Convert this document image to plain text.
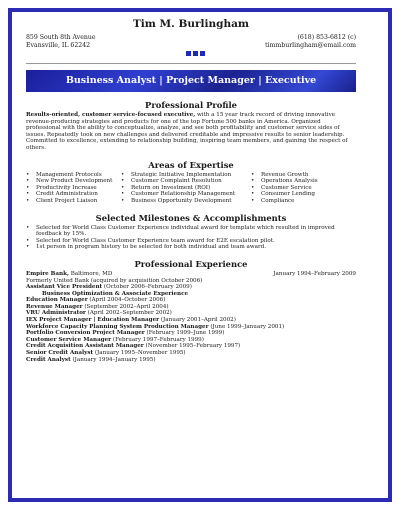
Tim M. Burlingham
859 South 8th Avenue
Evansville, IL 62242
(618) 853-6812 (c)
timmburlingham@email.com
Business Analyst | Project Manager | Executive
Professional Profile
Results-oriented, customer service-focused executive, with a 15 year track record of driving innovative revenue-producing strategies and products for one of the top Fortune 500 banks in America. Organized professional with the ability to conceptualize, analyze, and see both profitability and customer service sides of issues. Repeatedly took on new challenges and delivered creditable and impressive results to senior leadership. Committed to excellence, extending to relationship building, inspiring team members, and gaining the respect of others.
Areas of Expertise
• Management Protocols
• New Product Development
• Productivity Increase
• Credit Administration
• Client Project Liaison
• Strategic Initiative Implementation
• Customer Complaint Resolution
• Return on Investment (ROI)
• Customer Relationship Management
• Business Opportunity Development
• Revenue Growth
• Operations Analysis
• Customer Service
• Consumer Lending
• Compliance
Selected Milestones & Accomplishments
• Selected for World Class Customer Experience individual award for template which resulted in improved feedback by 15%.
• Selected for World Class Customer Experience team award for E2E escalation pilot.
• 1st person in program history to be selected for both individual and team award.
Professional Experience
Empire Bank, Baltimore, MD	January 1994–February 2009
Formerly United Bank (acquired by acquisition October 2006)
Assistant Vice President (October 2006–February 2009)
Business Optimization & Associate Experience
Education Manager (April 2004–October 2006)
Revenue Manager (September 2002–April 2004)
VRU Administrator (April 2002–September 2002)
IEX Project Manager | Education Manager (January 2001–April 2002)
Workforce Capacity Planning System Production Manager (June 1999–January 2001)
Portfolio Conversion Project Manager (February 1999–June 1999)
Customer Service Manager (February 1997–February 1999)
Credit Acquisition Assistant Manager (November 1995–February 1997)
Senior Credit Analyst (January 1995–November 1995)
Credit Analyst (January 1994–January 1995)
